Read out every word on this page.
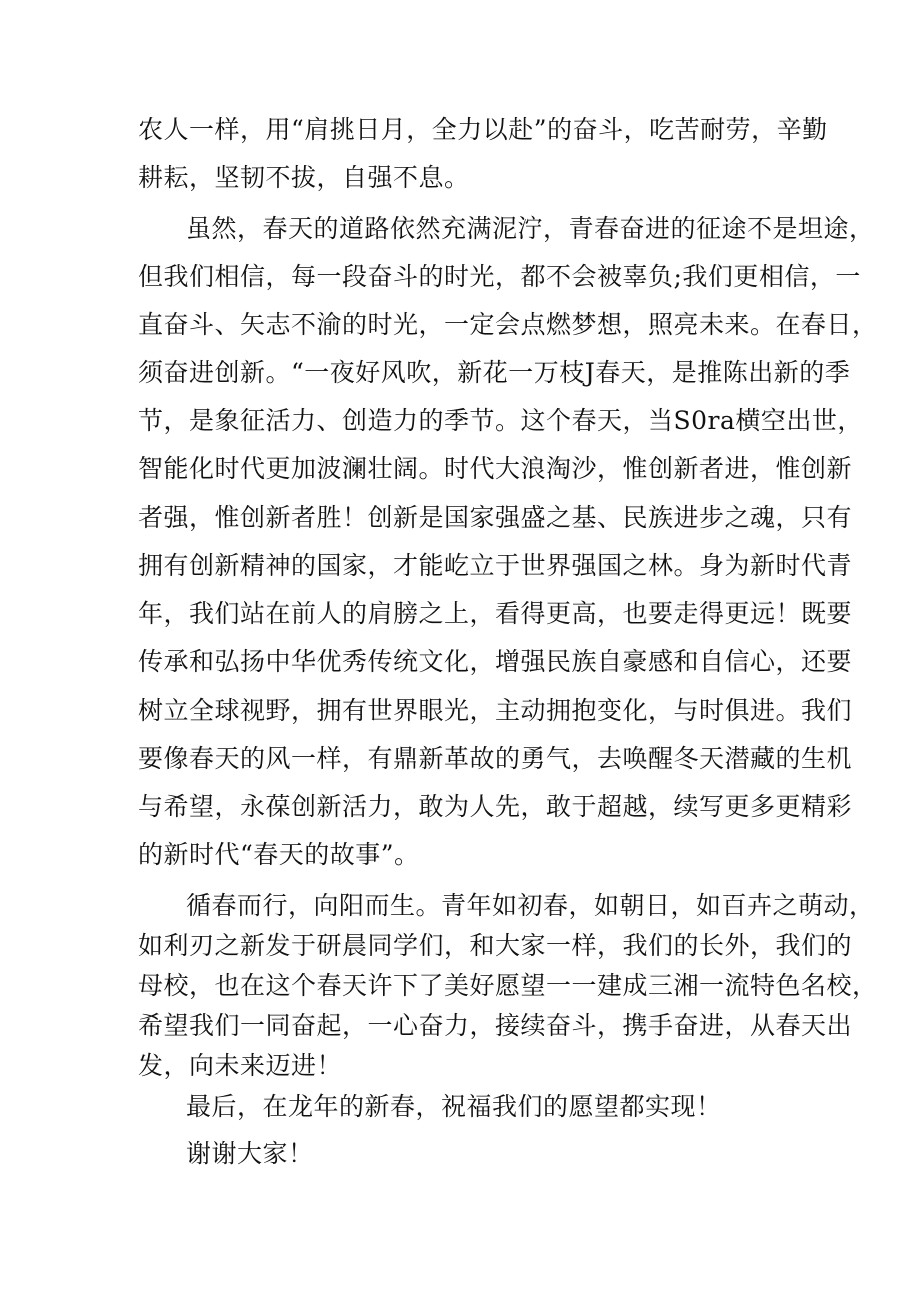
农人一样，用“肩挑日月，全力以赴”的奋斗，吃苦耐劳，辛勤
耕耘，坚韧不拔，自强不息。
虽然，春天的道路依然充满泥泞，青春奋进的征途不是坦途，
但我们相信，每一段奋斗的时光，都不会被辜负;我们更相信，一
直奋斗、矢志不渝的时光，一定会点燃梦想，照亮未来。在春日，
须奋进创新。“一夜好风吹，新花一万枝J春天，是推陈出新的季
节，是象征活力、创造力的季节。这个春天，当S0ra横空出世，
智能化时代更加波澜壮阔。时代大浪淘沙，惟创新者进，惟创新
者强，惟创新者胜！创新是国家强盛之基、民族进步之魂，只有
拥有创新精神的国家，才能屹立于世界强国之林。身为新时代青
年，我们站在前人的肩膀之上，看得更高，也要走得更远！既要
传承和弘扬中华优秀传统文化，增强民族自豪感和自信心，还要
树立全球视野，拥有世界眼光，主动拥抱变化，与时俱进。我们
要像春天的风一样，有鼎新革故的勇气，去唤醒冬天潜藏的生机
与希望，永葆创新活力，敢为人先，敢于超越，续写更多更精彩
的新时代“春天的故事”。
循春而行，向阳而生。青年如初春，如朝日，如百卉之萌动，
如利刃之新发于研晨同学们，和大家一样，我们的长外，我们的
母校，也在这个春天许下了美好愿望一一建成三湘一流特色名校，
希望我们一同奋起，一心奋力，接续奋斗，携手奋进，从春天出
发，向未来迈进！
最后，在龙年的新春，祝福我们的愿望都实现！
谢谢大家！
